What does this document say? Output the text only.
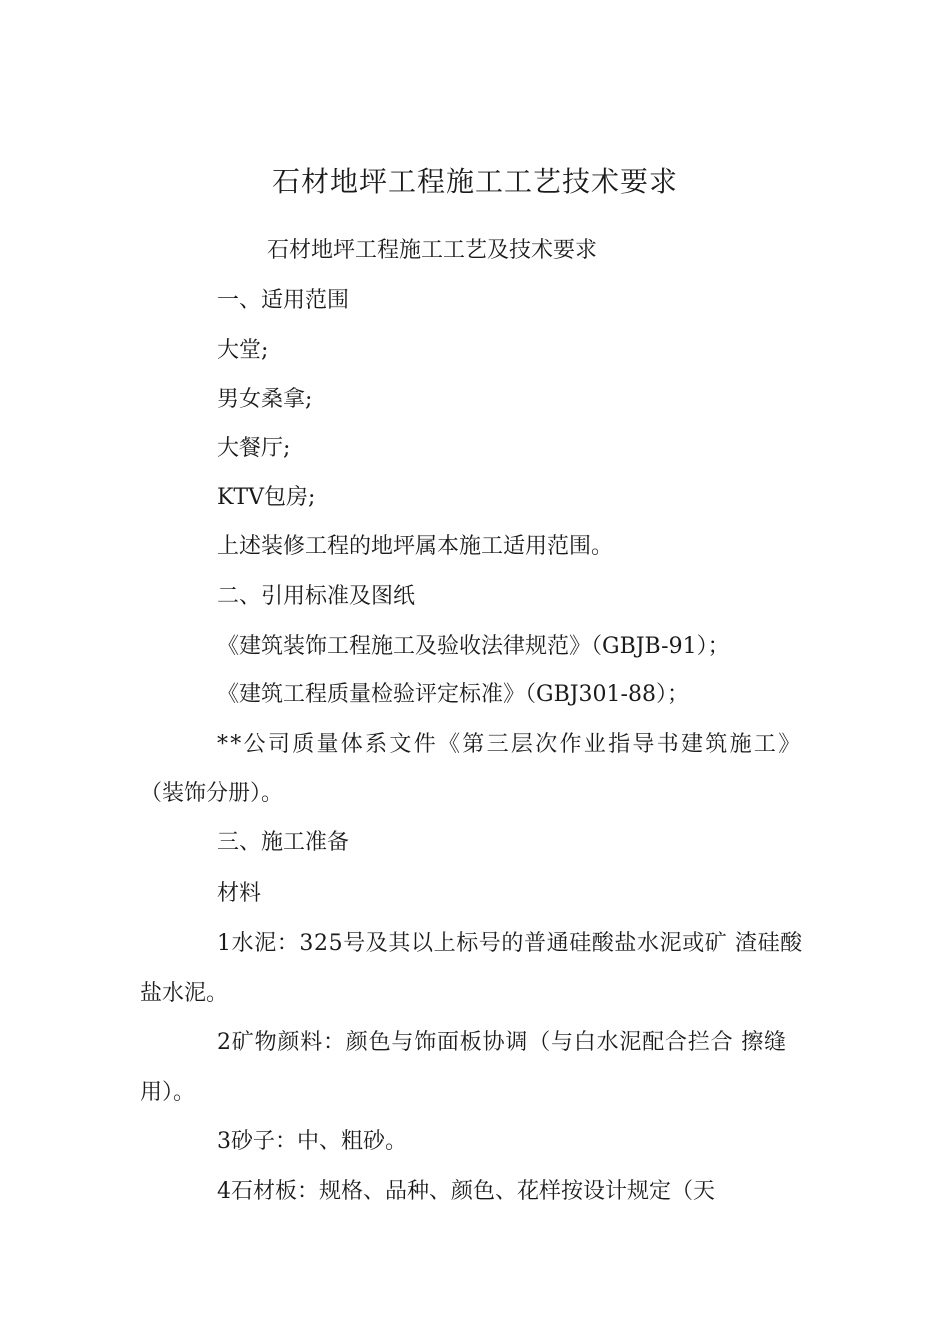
石材地坪工程施工工艺技术要求
石材地坪工程施工工艺及技术要求
一、适用范围
大堂;
男女桑拿;
大餐厅;
KTV包房;
上述装修工程的地坪属本施工适用范围。
二、引用标准及图纸
《建筑装饰工程施工及验收法律规范》（GBJB-91）；
《建筑工程质量检验评定标准》（GBJ301-88）；
**公司质量体系文件《第三层次作业指导书建筑施工》
（装饰分册）。
三、施工准备
材料
1水泥：325号及其以上标号的普通硅酸盐水泥或矿 渣硅酸
盐水泥。
2矿物颜料：颜色与饰面板协调（与白水泥配合拦合 擦缝
用）。
3砂子：中、粗砂。
4石材板：规格、品种、颜色、花样按设计规定（天
